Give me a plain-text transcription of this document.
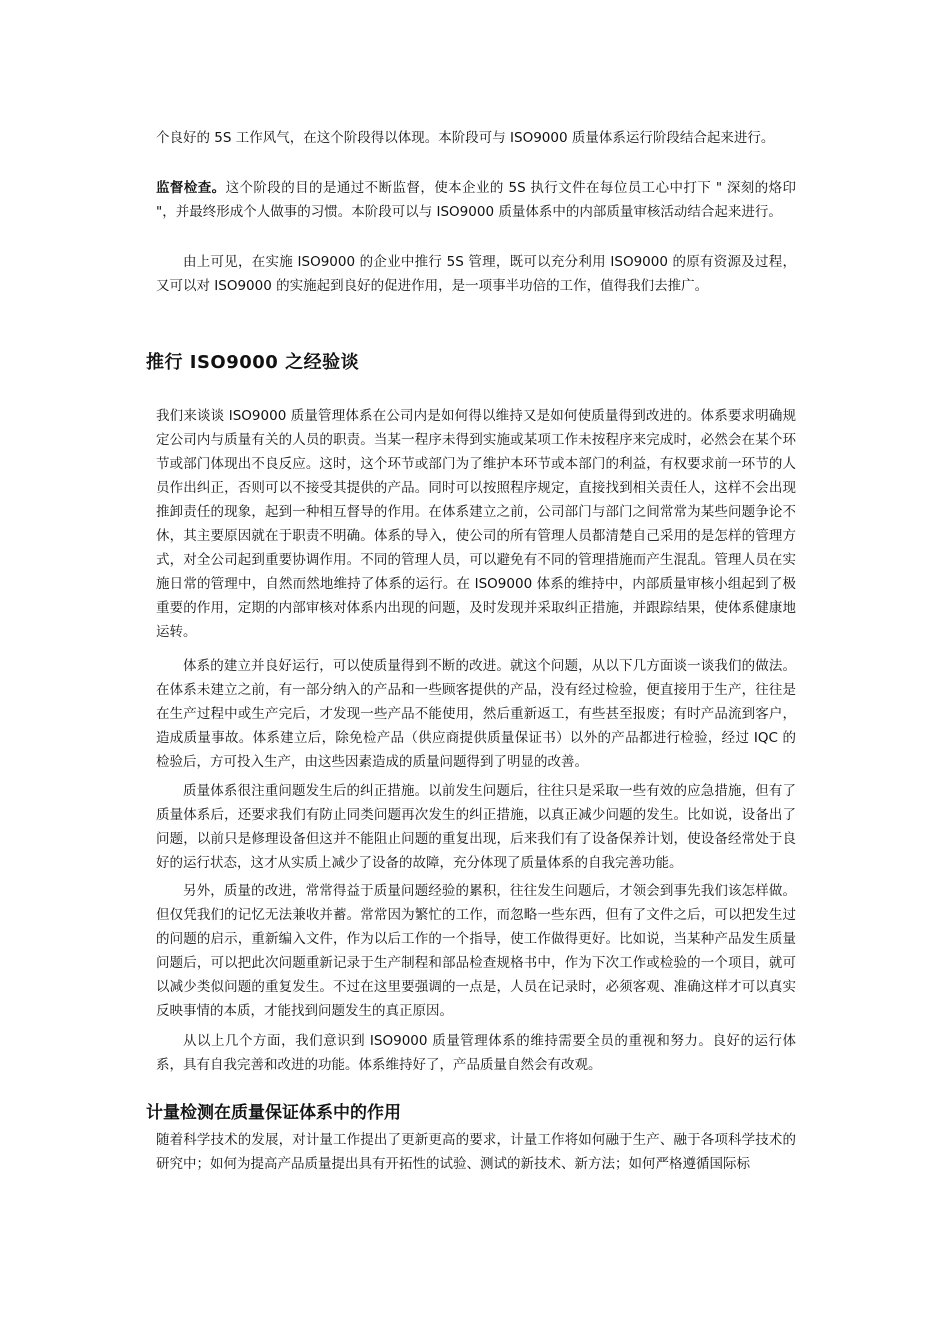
个良好的 5S 工作风气，在这个阶段得以体现。本阶段可与 ISO9000 质量体系运行阶段结合起来进行。

监督检查。这个阶段的目的是通过不断监督，使本企业的 5S 执行文件在每位员工心中打下 " 深刻的烙印 "，并最终形成个人做事的习惯。本阶段可以与 ISO9000 质量体系中的内部质量审核活动结合起来进行。

由上可见，在实施 ISO9000 的企业中推行 5S 管理，既可以充分利用 ISO9000 的原有资源及过程，又可以对 ISO9000 的实施起到良好的促进作用，是一项事半功倍的工作，值得我们去推广。

推行 ISO9000 之经验谈

我们来谈谈 ISO9000 质量管理体系在公司内是如何得以维持又是如何使质量得到改进的。体系要求明确规定公司内与质量有关的人员的职责。当某一程序未得到实施或某项工作未按程序来完成时，必然会在某个环节或部门体现出不良反应。这时，这个环节或部门为了维护本环节或本部门的利益，有权要求前一环节的人员作出纠正，否则可以不接受其提供的产品。同时可以按照程序规定，直接找到相关责任人，这样不会出现推卸责任的现象，起到一种相互督导的作用。在体系建立之前，公司部门与部门之间常常为某些问题争论不休，其主要原因就在于职责不明确。体系的导入，使公司的所有管理人员都清楚自己采用的是怎样的管理方式，对全公司起到重要协调作用。不同的管理人员，可以避免有不同的管理措施而产生混乱。管理人员在实施日常的管理中，自然而然地维持了体系的运行。在 ISO9000 体系的维持中，内部质量审核小组起到了极重要的作用，定期的内部审核对体系内出现的问题，及时发现并采取纠正措施，并跟踪结果，使体系健康地运转。

体系的建立并良好运行，可以使质量得到不断的改进。就这个问题，从以下几方面谈一谈我们的做法。在体系未建立之前，有一部分纳入的产品和一些顾客提供的产品，没有经过检验，便直接用于生产，往往是在生产过程中或生产完后，才发现一些产品不能使用，然后重新返工，有些甚至报废；有时产品流到客户，造成质量事故。体系建立后，除免检产品（供应商提供质量保证书）以外的产品都进行检验，经过 IQC 的检验后，方可投入生产，由这些因素造成的质量问题得到了明显的改善。

质量体系很注重问题发生后的纠正措施。以前发生问题后，往往只是采取一些有效的应急措施，但有了质量体系后，还要求我们有防止同类问题再次发生的纠正措施，以真正减少问题的发生。比如说，设备出了问题，以前只是修理设备但这并不能阻止问题的重复出现，后来我们有了设备保养计划，使设备经常处于良好的运行状态，这才从实质上减少了设备的故障，充分体现了质量体系的自我完善功能。

另外，质量的改进，常常得益于质量问题经验的累积，往往发生问题后，才领会到事先我们该怎样做。但仅凭我们的记忆无法兼收并蓄。常常因为繁忙的工作，而忽略一些东西，但有了文件之后，可以把发生过的问题的启示，重新编入文件，作为以后工作的一个指导，使工作做得更好。比如说，当某种产品发生质量问题后，可以把此次问题重新记录于生产制程和部品检查规格书中，作为下次工作或检验的一个项目，就可以减少类似问题的重复发生。不过在这里要强调的一点是，人员在记录时，必须客观、准确这样才可以真实反映事情的本质，才能找到问题发生的真正原因。

从以上几个方面，我们意识到 ISO9000 质量管理体系的维持需要全员的重视和努力。良好的运行体系，具有自我完善和改进的功能。体系维持好了，产品质量自然会有改观。

计量检测在质量保证体系中的作用

随着科学技术的发展，对计量工作提出了更新更高的要求，计量工作将如何融于生产、融于各项科学技术的研究中；如何为提高产品质量提出具有开拓性的试验、测试的新技术、新方法；如何严格遵循国际标
